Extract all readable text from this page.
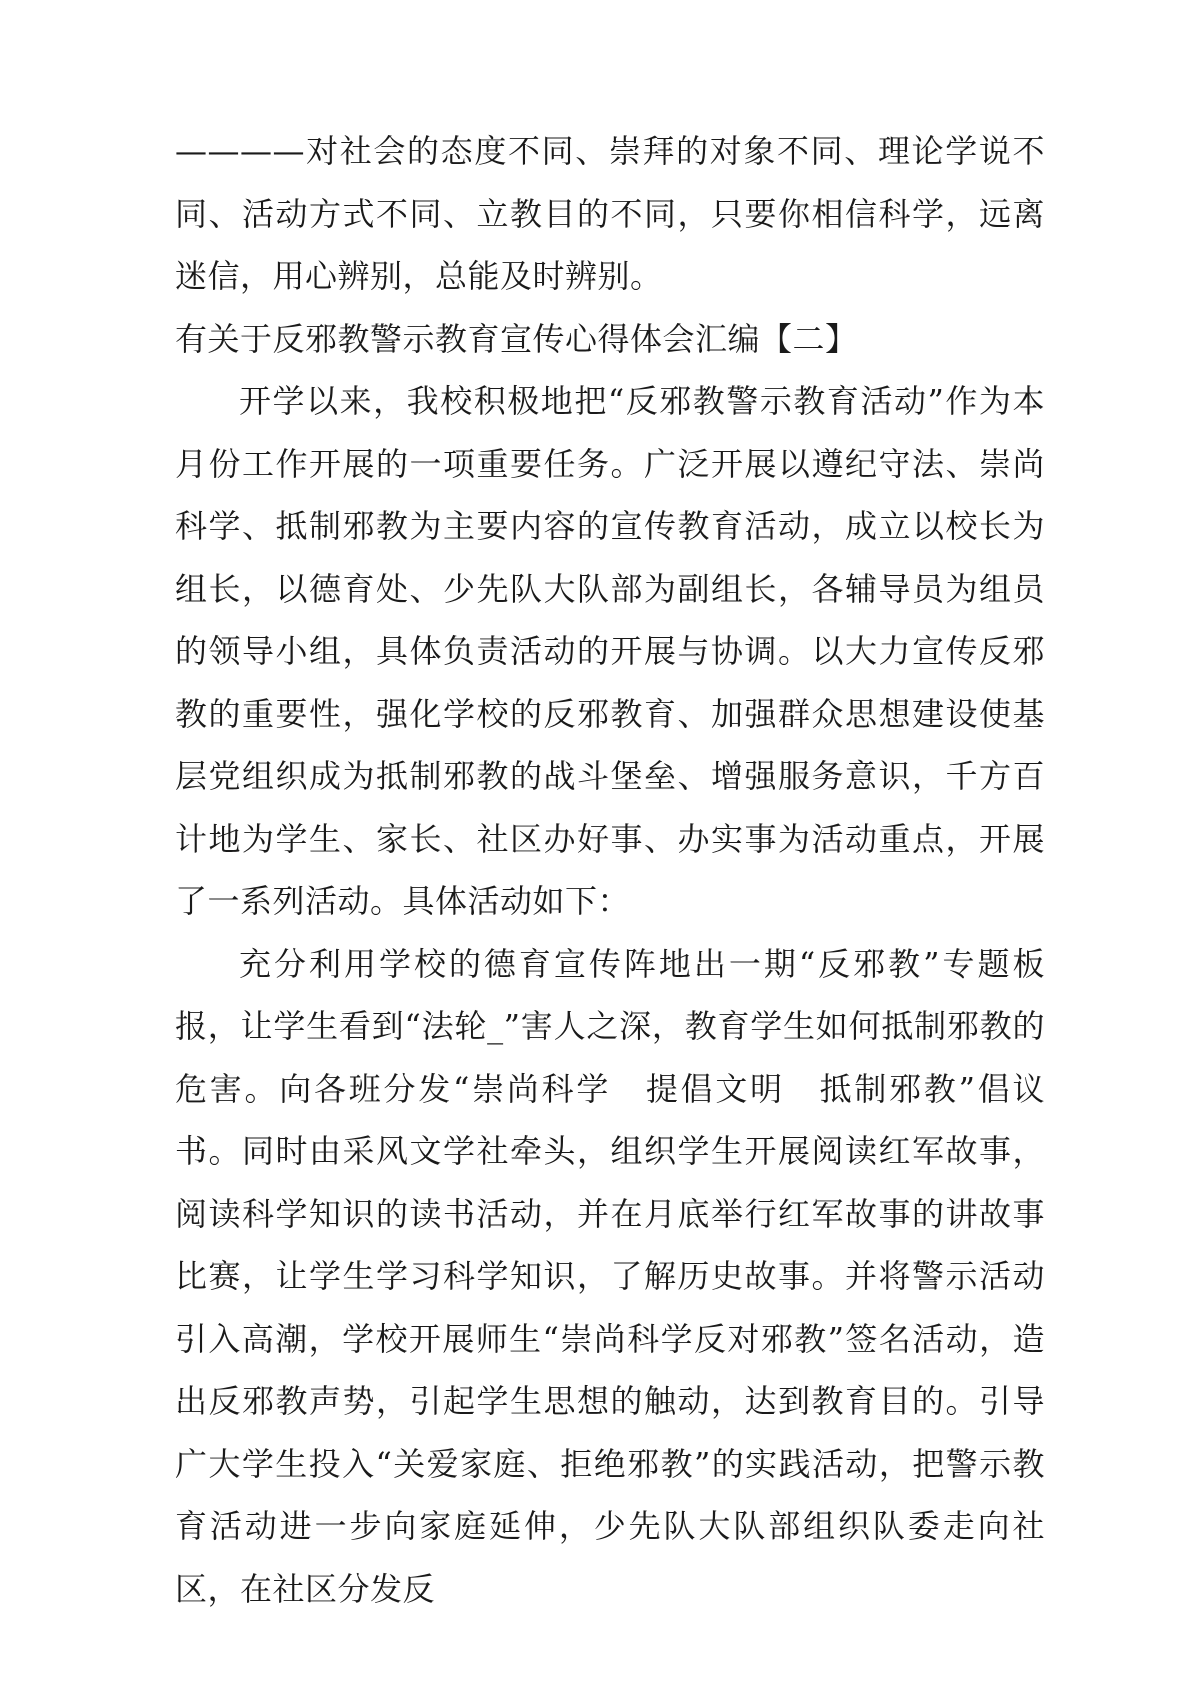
————对社会的态度不同、崇拜的对象不同、理论学说不同、活动方式不同、立教目的不同，只要你相信科学，远离迷信，用心辨别，总能及时辨别。

有关于反邪教警示教育宣传心得体会汇编【二】

开学以来，我校积极地把“反邪教警示教育活动”作为本月份工作开展的一项重要任务。广泛开展以遵纪守法、崇尚科学、抵制邪教为主要内容的宣传教育活动，成立以校长为组长，以德育处、少先队大队部为副组长，各辅导员为组员的领导小组，具体负责活动的开展与协调。以大力宣传反邪教的重要性，强化学校的反邪教育、加强群众思想建设使基层党组织成为抵制邪教的战斗堡垒、增强服务意识，千方百计地为学生、家长、社区办好事、办实事为活动重点，开展了一系列活动。具体活动如下：

充分利用学校的德育宣传阵地出一期“反邪教”专题板报，让学生看到“法轮_”害人之深，教育学生如何抵制邪教的危害。向各班分发“崇尚科学　提倡文明　抵制邪教”倡议书。同时由采风文学社牵头，组织学生开展阅读红军故事，阅读科学知识的读书活动，并在月底举行红军故事的讲故事比赛，让学生学习科学知识，了解历史故事。并将警示活动引入高潮，学校开展师生“崇尚科学反对邪教”签名活动，造出反邪教声势，引起学生思想的触动，达到教育目的。引导广大学生投入“关爱家庭、拒绝邪教”的实践活动，把警示教育活动进一步向家庭延伸，少先队大队部组织队委走向社区，在社区分发反
